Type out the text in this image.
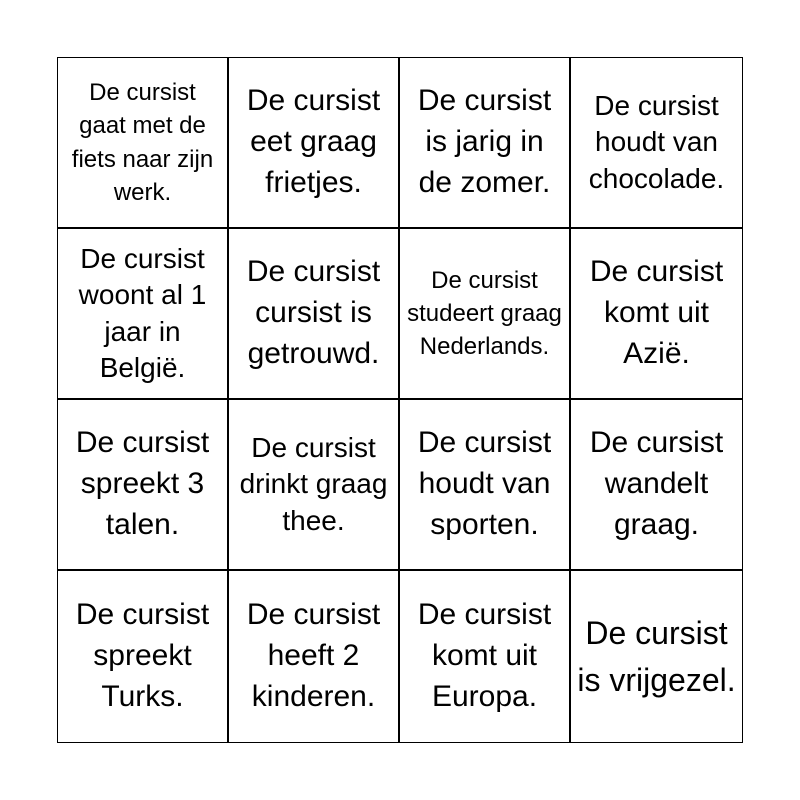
De cursist gaat met de fiets naar zijn werk.
De cursist eet graag frietjes.
De cursist is jarig in de zomer.
De cursist houdt van chocolade.
De cursist woont al 1 jaar in België.
De cursist cursist is getrouwd.
De cursist studeert graag Nederlands.
De cursist komt uit Azië.
De cursist spreekt 3 talen.
De cursist drinkt graag thee.
De cursist houdt van sporten.
De cursist wandelt graag.
De cursist spreekt Turks.
De cursist heeft 2 kinderen.
De cursist komt uit Europa.
De cursist is vrijgezel.
